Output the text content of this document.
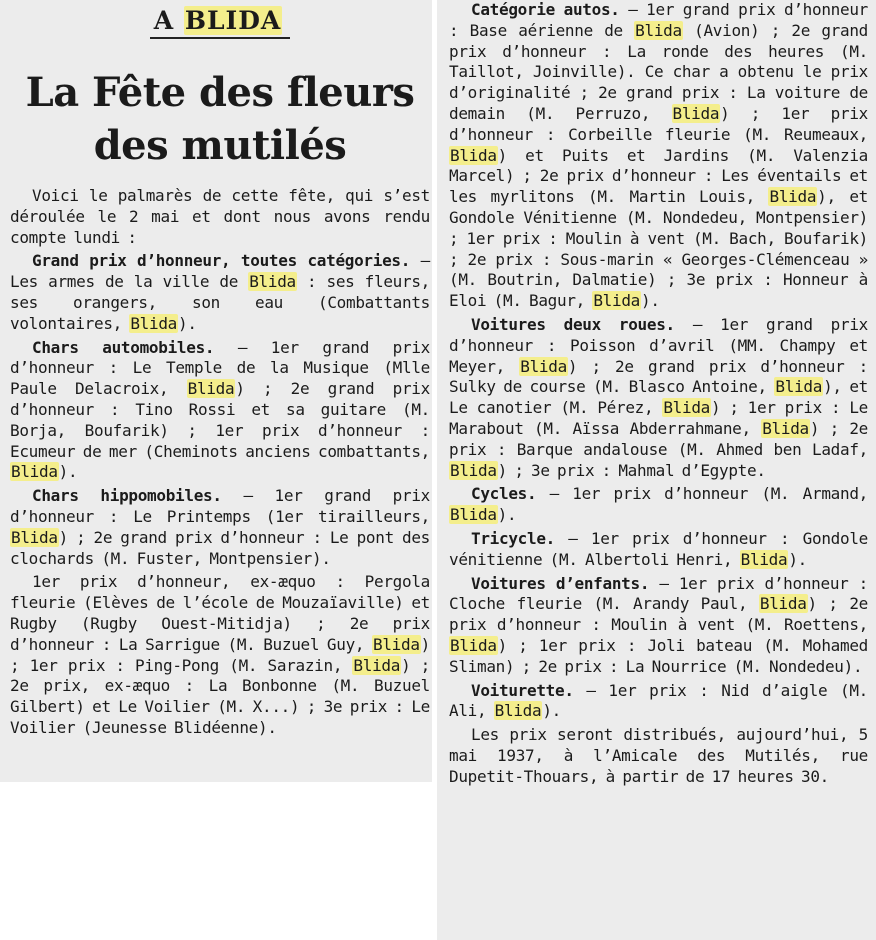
A BLIDA
La Fête des fleurs des mutilés

Voici le palmarès de cette fête, qui s’est déroulée le 2 mai et dont nous avons rendu compte lundi :

Grand prix d’honneur, toutes catégories. — Les armes de la ville de Blida : ses fleurs, ses orangers, son eau (Combattants volontaires, Blida).

Chars automobiles. — 1er grand prix d’honneur : Le Temple de la Musique (Mlle Paule Delacroix, Blida) ; 2e grand prix d’honneur : Tino Rossi et sa guitare (M. Borja, Boufarik) ; 1er prix d’honneur : Ecumeur de mer (Cheminots anciens combattants, Blida).

Chars hippomobiles. — 1er grand prix d’honneur : Le Printemps (1er tirailleurs, Blida) ; 2e grand prix d’honneur : Le pont des clochards (M. Fuster, Montpensier).

1er prix d’honneur, ex-æquo : Pergola fleurie (Elèves de l’école de Mouzaïaville) et Rugby (Rugby Ouest-Mitidja) ; 2e prix d’honneur : La Sarrigue (M. Buzuel Guy, Blida) ; 1er prix : Ping-Pong (M. Sarazin, Blida) ; 2e prix, ex-æquo : La Bonbonne (M. Buzuel Gilbert) et Le Voilier (M. X...) ; 3e prix : Le Voilier (Jeunesse Blidéenne).

Catégorie autos. — 1er grand prix d’honneur : Base aérienne de Blida (Avion) ; 2e grand prix d’honneur : La ronde des heures (M. Taillot, Joinville). Ce char a obtenu le prix d’originalité ; 2e grand prix : La voiture de demain (M. Perruzo, Blida) ; 1er prix d’honneur : Corbeille fleurie (M. Reumeaux, Blida) et Puits et Jardins (M. Valenzia Marcel) ; 2e prix d’honneur : Les éventails et les myrlitons (M. Martin Louis, Blida), et Gondole Vénitienne (M. Nondedeu, Montpensier) ; 1er prix : Moulin à vent (M. Bach, Boufarik) ; 2e prix : Sous-marin « Georges-Clémenceau » (M. Boutrin, Dalmatie) ; 3e prix : Honneur à Eloi (M. Bagur, Blida).

Voitures deux roues. — 1er grand prix d’honneur : Poisson d’avril (MM. Champy et Meyer, Blida) ; 2e grand prix d’honneur : Sulky de course (M. Blasco Antoine, Blida), et Le canotier (M. Pérez, Blida) ; 1er prix : Le Marabout (M. Aïssa Abderrahmane, Blida) ; 2e prix : Barque andalouse (M. Ahmed ben Ladaf, Blida) ; 3e prix : Mahmal d’Egypte.

Cycles. — 1er prix d’honneur (M. Armand, Blida).

Tricycle. — 1er prix d’honneur : Gondole vénitienne (M. Albertoli Henri, Blida).

Voitures d’enfants. — 1er prix d’honneur : Cloche fleurie (M. Arandy Paul, Blida) ; 2e prix d’honneur : Moulin à vent (M. Roettens, Blida) ; 1er prix : Joli bateau (M. Mohamed Sliman) ; 2e prix : La Nourrice (M. Nondedeu).

Voiturette. — 1er prix : Nid d’aigle (M. Ali, Blida).

Les prix seront distribués, aujourd’hui, 5 mai 1937, à l’Amicale des Mutilés, rue Dupetit-Thouars, à partir de 17 heures 30.
